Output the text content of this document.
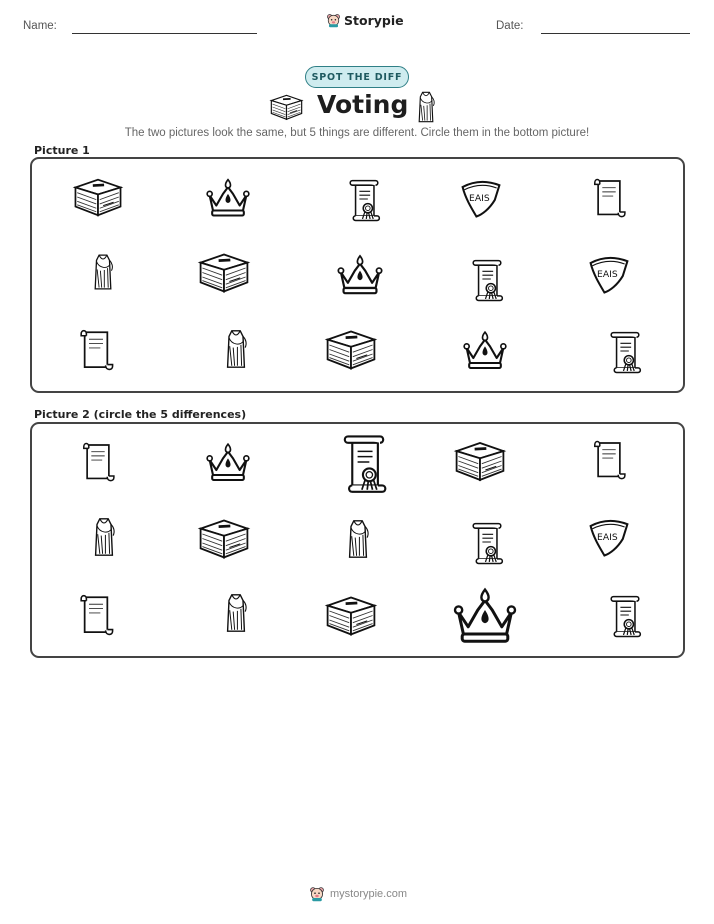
Name:	Storypie	Date:
SPOT THE DIFF
Voting
The two pictures look the same, but 5 things are different. Circle them in the bottom picture!
Picture 1
Picture 2 (circle the 5 differences)
mystorypie.com
